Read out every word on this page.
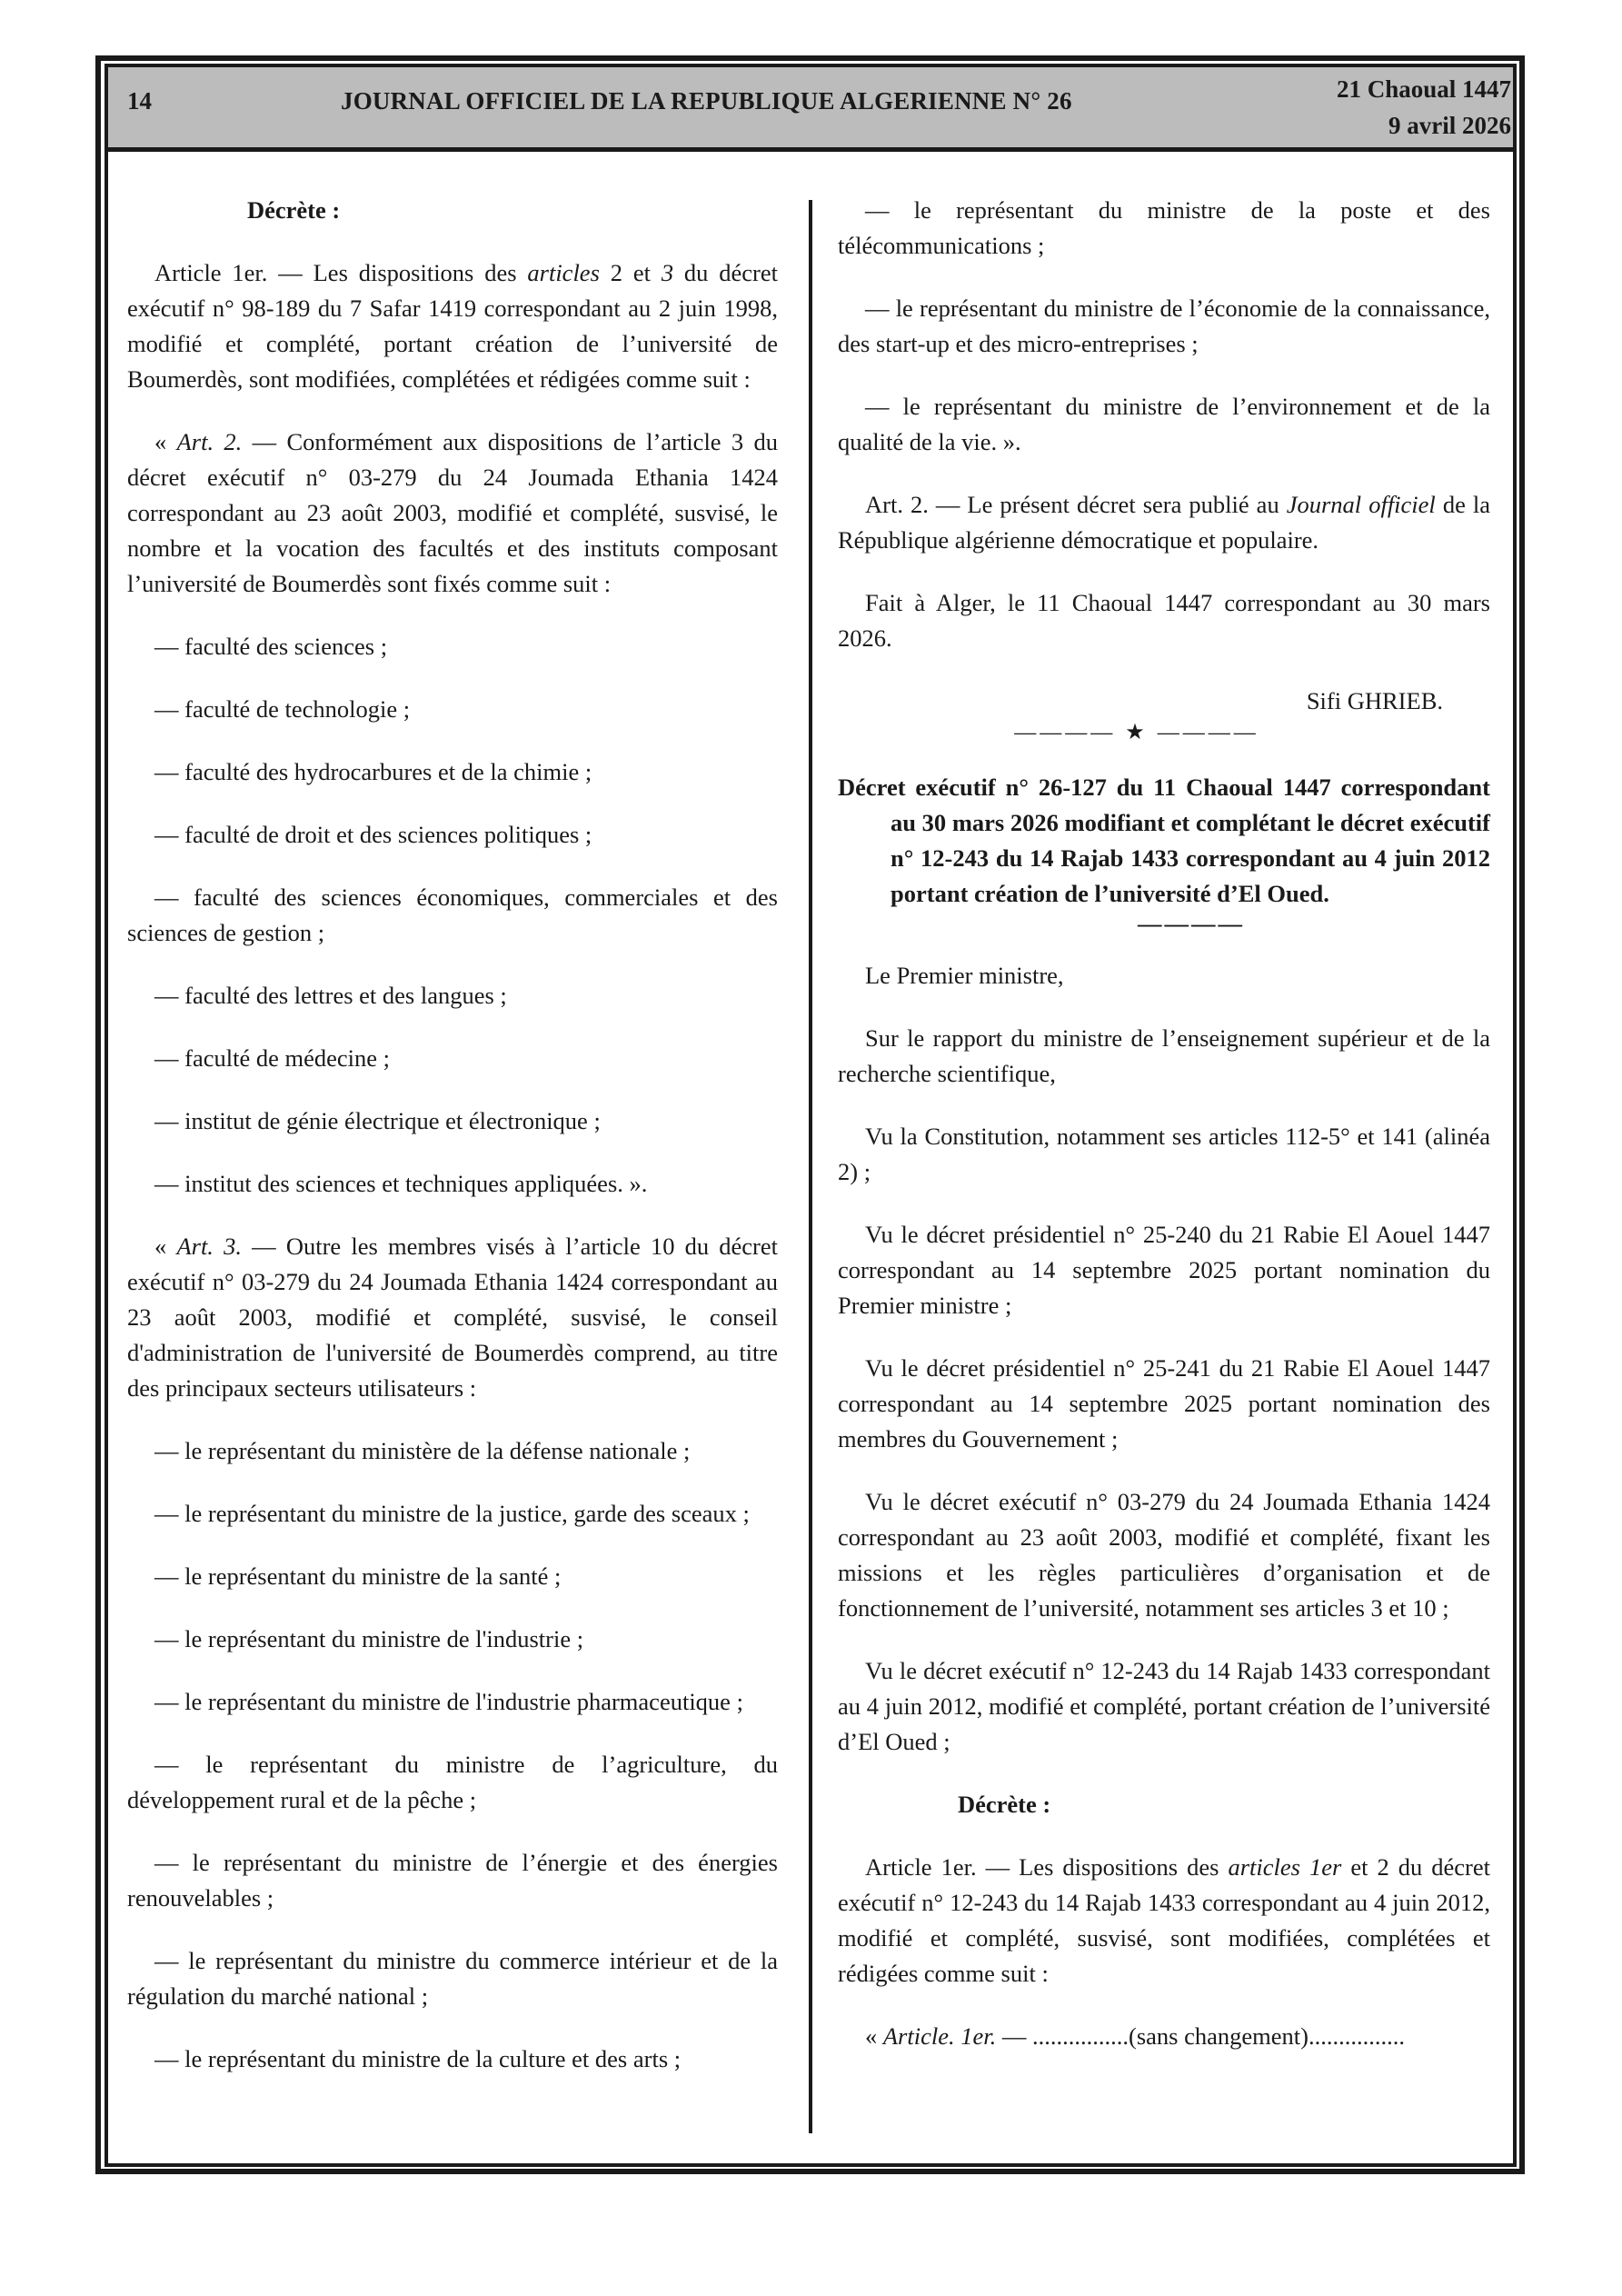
14	JOURNAL OFFICIEL DE LA REPUBLIQUE ALGERIENNE N° 26	21 Chaoual 1447
9 avril 2026

Décrète :

Article 1er. — Les dispositions des articles 2 et 3 du décret exécutif n° 98-189 du 7 Safar 1419 correspondant au 2 juin 1998, modifié et complété, portant création de l’université de Boumerdès, sont modifiées, complétées et rédigées comme suit :

« Art. 2. — Conformément aux dispositions de l’article 3 du décret exécutif n° 03-279 du 24 Joumada Ethania 1424 correspondant au 23 août 2003, modifié et complété, susvisé, le nombre et la vocation des facultés et des instituts composant l’université de Boumerdès sont fixés comme suit :

— faculté des sciences ;

— faculté de technologie ;

— faculté des hydrocarbures et de la chimie ;

— faculté de droit et des sciences politiques ;

— faculté des sciences économiques, commerciales et des sciences de gestion ;

— faculté des lettres et des langues ;

— faculté de médecine ;

— institut de génie électrique et électronique ;

— institut des sciences et techniques appliquées. ».

« Art. 3. — Outre les membres visés à l’article 10 du décret exécutif n° 03-279 du 24 Joumada Ethania 1424 correspondant au 23 août 2003, modifié et complété, susvisé, le conseil d'administration de l'université de Boumerdès comprend, au titre des principaux secteurs utilisateurs :

— le représentant du ministère de la défense nationale ;

— le représentant du ministre de la justice, garde des sceaux ;

— le représentant du ministre de la santé ;

— le représentant du ministre de l'industrie ;

— le représentant du ministre de l'industrie pharmaceutique ;

— le représentant du ministre de l’agriculture, du développement rural et de la pêche ;

— le représentant du ministre de l’énergie et des énergies renouvelables ;

— le représentant du ministre du commerce intérieur et de la régulation du marché national ;

— le représentant du ministre de la culture et des arts ;

— le représentant du ministre de la poste et des télécommunications ;

— le représentant du ministre de l’économie de la connaissance, des start-up et des micro-entreprises ;

— le représentant du ministre de l’environnement et de la qualité de la vie. ».

Art. 2. — Le présent décret sera publié au Journal officiel de la République algérienne démocratique et populaire.

Fait à Alger, le 11 Chaoual 1447 correspondant au 30 mars 2026.

Sifi GHRIEB.

———— ★ ————

Décret exécutif n° 26-127 du 11 Chaoual 1447 correspondant au 30 mars 2026 modifiant et complétant le décret exécutif n° 12-243 du 14 Rajab 1433 correspondant au 4 juin 2012 portant création de l’université d’El Oued.

————

Le Premier ministre,

Sur le rapport du ministre de l’enseignement supérieur et de la recherche scientifique,

Vu la Constitution, notamment ses articles 112-5° et 141 (alinéa 2) ;

Vu le décret présidentiel n° 25-240 du 21 Rabie El Aouel 1447 correspondant au 14 septembre 2025 portant nomination du Premier ministre ;

Vu le décret présidentiel n° 25-241 du 21 Rabie El Aouel 1447 correspondant au 14 septembre 2025 portant nomination des membres du Gouvernement ;

Vu le décret exécutif n° 03-279 du 24 Joumada Ethania 1424 correspondant au 23 août 2003, modifié et complété, fixant les missions et les règles particulières d’organisation et de fonctionnement de l’université, notamment ses articles 3 et 10 ;

Vu le décret exécutif n° 12-243 du 14 Rajab 1433 correspondant au 4 juin 2012, modifié et complété, portant création de l’université d’El Oued ;

Décrète :

Article 1er. — Les dispositions des articles 1er et 2 du décret exécutif n° 12-243 du 14 Rajab 1433 correspondant au 4 juin 2012, modifié et complété, susvisé, sont modifiées, complétées et rédigées comme suit :

« Article. 1er. — ................(sans changement)................
